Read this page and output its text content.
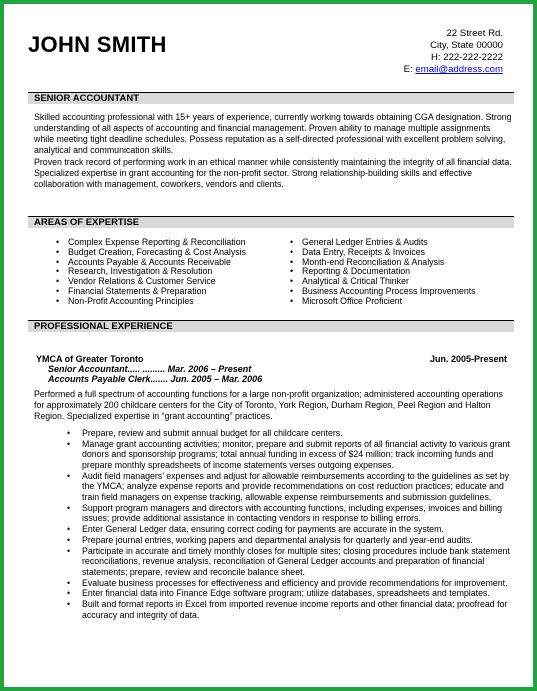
JOHN SMITH	22 Street Rd.
City, State 00000
H: 222-222-2222
E: email@address.com
SENIOR ACCOUNTANT
Skilled accounting professional with 15+ years of experience, currently working towards obtaining CGA designation. Strong understanding of all aspects of accounting and financial management. Proven ability to manage multiple assignments while meeting tight deadline schedules. Possess reputation as a self-directed professional with excellent problem solving, analytical and communication skills.
Proven track record of performing work in an ethical manner while consistently maintaining the integrity of all financial data. Specialized expertise in grant accounting for the non-profit sector. Strong relationship-building skills and effective collaboration with management, coworkers, vendors and clients.
AREAS OF EXPERTISE
• Complex Expense Reporting & Reconciliation
• Budget Creation, Forecasting & Cost Analysis
• Accounts Payable & Accounts Receivable
• Research, Investigation & Resolution
• Vendor Relations & Customer Service
• Financial Statements & Preparation
• Non-Profit Accounting Principles
• General Ledger Entries & Audits
• Data Entry, Receipts & Invoices
• Month-end Reconciliation & Analysis
• Reporting & Documentation
• Analytical & Critical Thinker
• Business Accounting Process Improvements
• Microsoft Office Proficient
PROFESSIONAL EXPERIENCE
YMCA of Greater Toronto	Jun. 2005-Present
Senior Accountant..... ......... Mar. 2006 – Present
Accounts Payable Clerk....... Jun. 2005 – Mar. 2006
Performed a full spectrum of accounting functions for a large non-profit organization; administered accounting operations for approximately 200 childcare centers for the City of Toronto, York Region, Durham Region, Peel Region and Halton Region. Specialized expertise in “grant accounting” practices.
• Prepare, review and submit annual budget for all childcare centers.
• Manage grant accounting activities; monitor, prepare and submit reports of all financial activity to various grant donors and sponsorship programs; total annual funding in excess of $24 million; track incoming funds and prepare monthly spreadsheets of income statements verses outgoing expenses.
• Audit field managers’ expenses and adjust for allowable reimbursements according to the guidelines as set by the YMCA; analyze expense reports and provide recommendations on cost reduction practices; educate and train field managers on expense tracking, allowable expense reimbursements and submission guidelines.
• Support program managers and directors with accounting functions, including expenses, invoices and billing issues; provide additional assistance in contacting vendors in response to billing errors.
• Enter General Ledger data, ensuring correct coding for payments are accurate in the system.
• Prepare journal entries, working papers and departmental analysis for quarterly and year-end audits.
• Participate in accurate and timely monthly closes for multiple sites; closing procedures include bank statement reconciliations, revenue analysis, reconciliation of General Ledger accounts and preparation of financial statements; prepare, review and reconcile balance sheet.
• Evaluate business processes for effectiveness and efficiency and provide recommendations for improvement.
• Enter financial data into Finance Edge software program; utilize databases, spreadsheets and templates.
• Built and format reports in Excel from imported revenue income reports and other financial data; proofread for accuracy and integrity of data.
